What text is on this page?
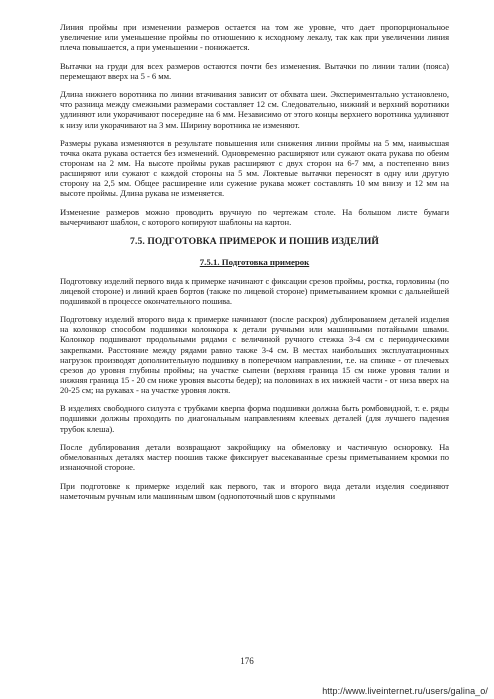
Линия проймы при изменении размеров остается на том же уровне, что дает пропорциональное увеличение или уменьшение проймы по отношению к исходному лекалу, так как при увеличении линия плеча повышается, а при уменьшении - понижается.

Вытачки на груди для всех размеров остаются почти без изменения. Вытачки по линии талии (пояса) перемещают вверх на 5 - 6 мм.

Длина нижнего воротника по линии втачивания зависит от обхвата шеи. Экспериментально установлено, что разница между смежными размерами составляет 12 см. Следовательно, нижний и верхний воротники удлиняют или укорачивают посередине на 6 мм. Независимо от этого концы верхнего воротника удлиняют к низу или укорачивают на 3 мм. Ширину воротника не изменяют.

Размеры рукава изменяются в результате повышения или снижения линии проймы на 5 мм, наивысшая точка оката рукава остается без изменений. Одновременно расширяют или сужают оката рукава по обеим сторонам на 2 мм. На высоте проймы рукав расширяют с двух сторон на 6-7 мм, а постепенно вниз расширяют или сужают с каждой стороны на 5 мм. Локтевые вытачки переносят в одну или другую сторону на 2,5 мм. Общее расширение или сужение рукава может составлять 10 мм внизу и 12 мм на высоте проймы. Длина рукава не изменяется.

Изменение размеров можно проводить вручную по чертежам столе. На большом листе бумаги вычерчивают шаблон, с которого копируют шаблоны на картон.

7.5. ПОДГОТОВКА ПРИМЕРОК И ПОШИВ ИЗДЕЛИЙ
7.5.1. Подготовка примерок

Подготовку изделий первого вида к примерке начинают с фиксации срезов проймы, ростка, горловины (по лицевой стороне) и линий краев бортов (также по лицевой стороне) приметыванием кромки с дальнейшей подшивкой в процессе окончательного пошива.

Подготовку изделий второго вида к примерке начинают (после раскроя) дублированием деталей изделия на колонкор способом подшивки колонкора к детали ручными или машинными потайными швами. Колонкор подшивают продольными рядами с величиной ручного стежка 3-4 см с периодическими закрепками. Расстояние между рядами равно также 3-4 см. В местах наибольших эксплуатационных нагрузок производят дополнительную подшивку в поперечном направлении, т.е. на спинке - от плечевых срезов до уровня глубины проймы; на участке сыпени (верхняя граница 15 см ниже уровня талии и нижняя граница 15 - 20 см ниже уровня высоты бедер); на половинах в их нижней части - от низа вверх на 20-25 см; на рукавах - на участке уровня локтя.

В изделиях свободного силуэта с трубками кверпа форма подшивки должна быть ромбовидной, т. е. ряды подшивки должны проходить по диагональным направлениям клеевых деталей (для лучшего падения трубок клеша).

После дублирования детали возвращают закройщику на обмеловку и частичную осноровку. На обмелованных деталях мастер поошив также фиксирует высекаванные срезы приметыванием кромки по изнаночной стороне.

При подготовке к примерке изделий как первого, так и второго вида детали изделия соединяют наметочным ручным или машинным швом (однопоточный шов с крупными

176
http://www.liveinternet.ru/users/galina_o/
